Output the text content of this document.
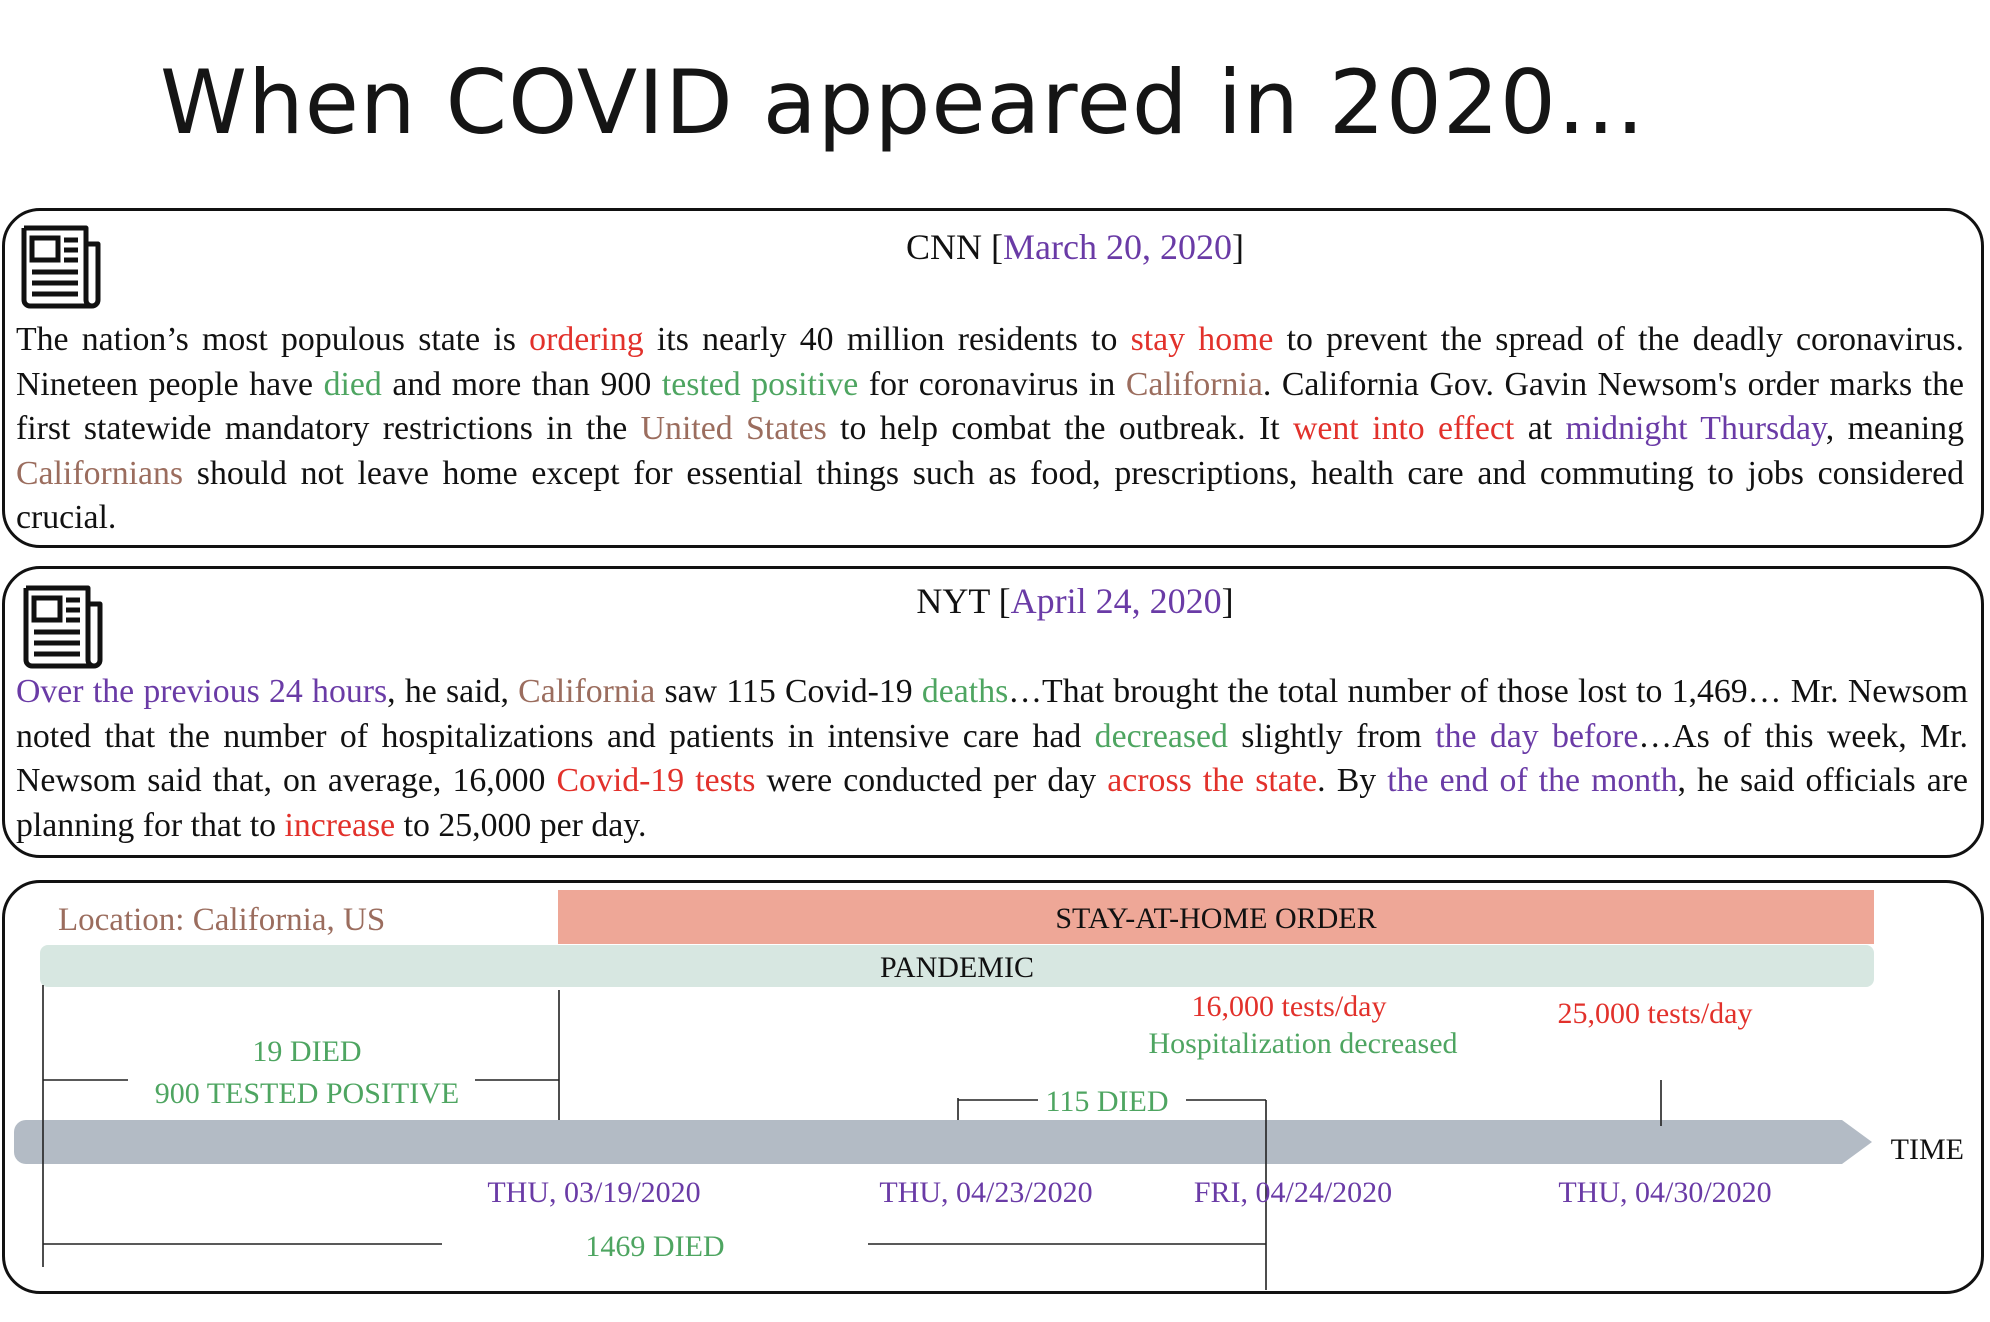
When COVID appeared in 2020…

CNN [March 20, 2020]

The nation’s most populous state is ordering its nearly 40 million residents to stay home to prevent the spread of the deadly coronavirus. Nineteen people have died and more than 900 tested positive for coronavirus in California. California Gov. Gavin Newsom's order marks the first statewide mandatory restrictions in the United States to help combat the outbreak. It went into effect at midnight Thursday, meaning Californians should not leave home except for essential things such as food, prescriptions, health care and commuting to jobs considered crucial.

NYT [April 24, 2020]

Over the previous 24 hours, he said, California saw 115 Covid-19 deaths…That brought the total number of those lost to 1,469… Mr. Newsom noted that the number of hospitalizations and patients in intensive care had decreased slightly from the day before…As of this week, Mr. Newsom said that, on average, 16,000 Covid-19 tests were conducted per day across the state. By the end of the month, he said officials are planning for that to increase to 25,000 per day.

Location: California, US	STAY-AT-HOME ORDER
PANDEMIC
TIME
19 DIED
900 TESTED POSITIVE	115 DIED
16,000 tests/day
Hospitalization decreased
25,000 tests/day
1469 DIED
THU, 03/19/2020	THU, 04/23/2020	FRI, 04/24/2020	THU, 04/30/2020
